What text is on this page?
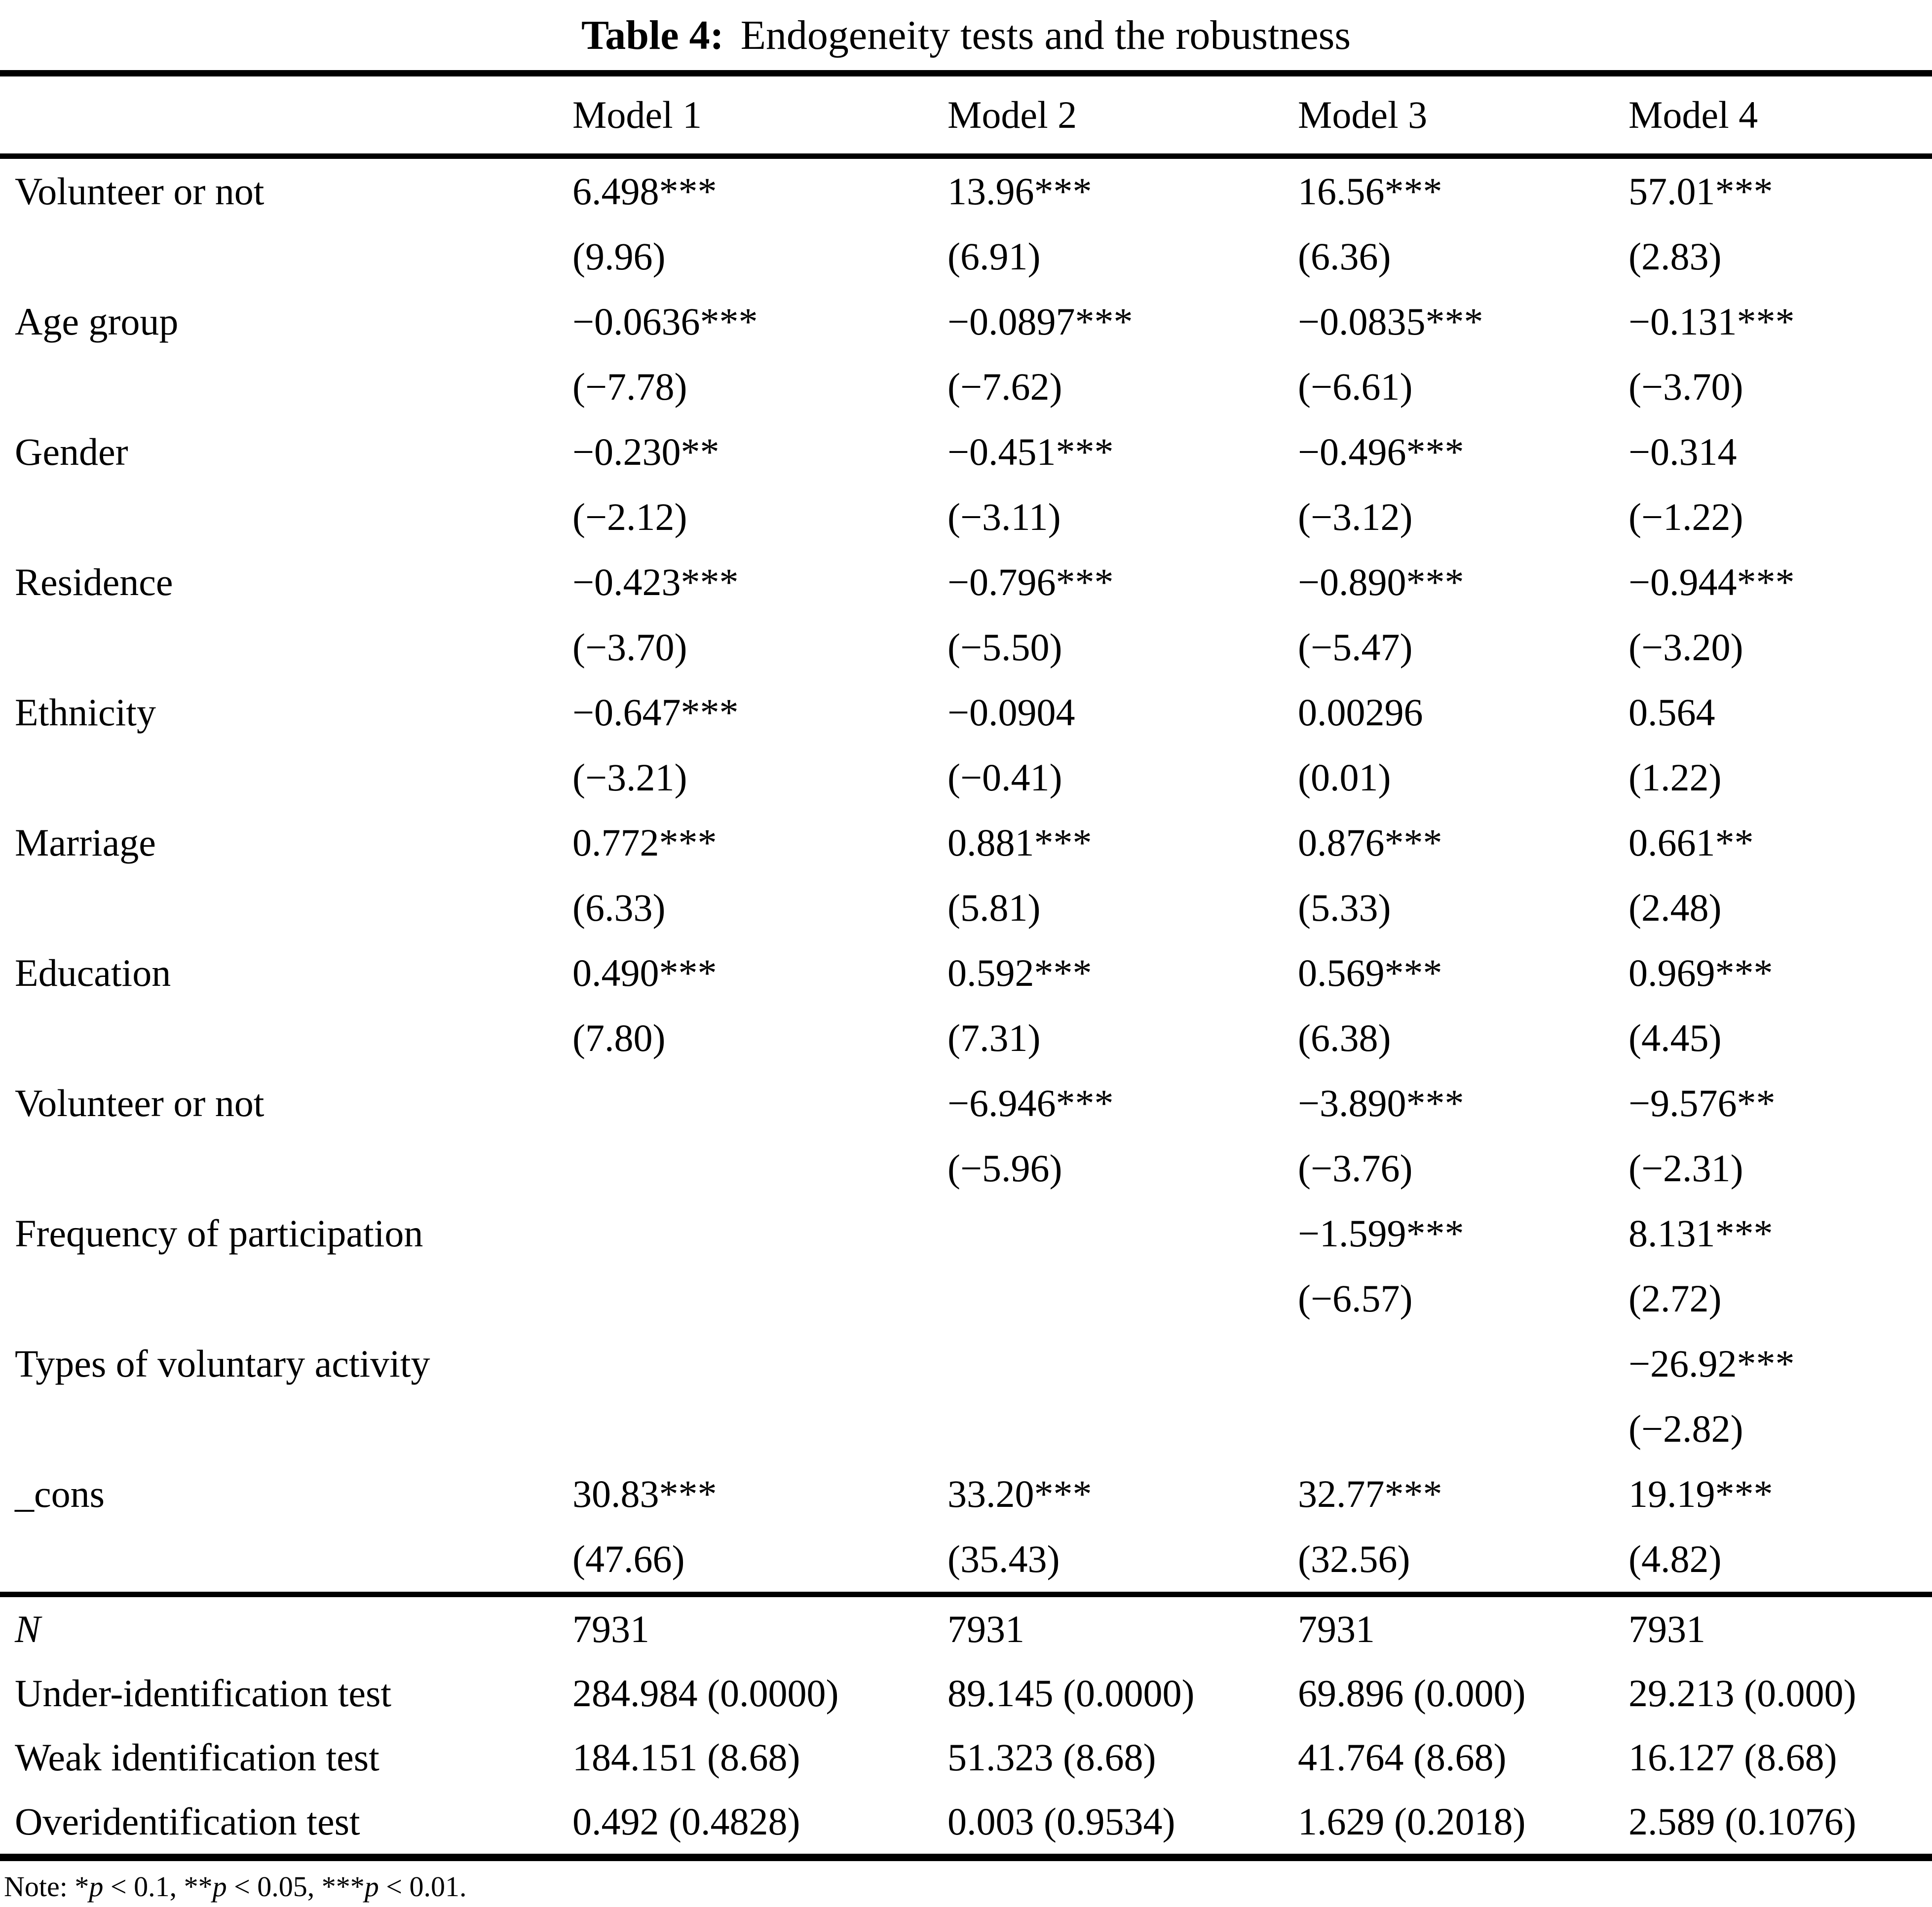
Table 4: Endogeneity tests and the robustness
	Model 1	Model 2	Model 3	Model 4
Volunteer or not	6.498***	13.96***	16.56***	57.01***
	(9.96)	(6.91)	(6.36)	(2.83)
Age group	−0.0636***	−0.0897***	−0.0835***	−0.131***
	(−7.78)	(−7.62)	(−6.61)	(−3.70)
Gender	−0.230**	−0.451***	−0.496***	−0.314
	(−2.12)	(−3.11)	(−3.12)	(−1.22)
Residence	−0.423***	−0.796***	−0.890***	−0.944***
	(−3.70)	(−5.50)	(−5.47)	(−3.20)
Ethnicity	−0.647***	−0.0904	0.00296	0.564
	(−3.21)	(−0.41)	(0.01)	(1.22)
Marriage	0.772***	0.881***	0.876***	0.661**
	(6.33)	(5.81)	(5.33)	(2.48)
Education	0.490***	0.592***	0.569***	0.969***
	(7.80)	(7.31)	(6.38)	(4.45)
Volunteer or not		−6.946***	−3.890***	−9.576**
		(−5.96)	(−3.76)	(−2.31)
Frequency of participation			−1.599***	8.131***
			(−6.57)	(2.72)
Types of voluntary activity				−26.92***
				(−2.82)
_cons	30.83***	33.20***	32.77***	19.19***
	(47.66)	(35.43)	(32.56)	(4.82)
N	7931	7931	7931	7931
Under-identification test	284.984 (0.0000)	89.145 (0.0000)	69.896 (0.000)	29.213 (0.000)
Weak identification test	184.151 (8.68)	51.323 (8.68)	41.764 (8.68)	16.127 (8.68)
Overidentification test	0.492 (0.4828)	0.003 (0.9534)	1.629 (0.2018)	2.589 (0.1076)
Note: *p < 0.1, **p < 0.05, ***p < 0.01.
